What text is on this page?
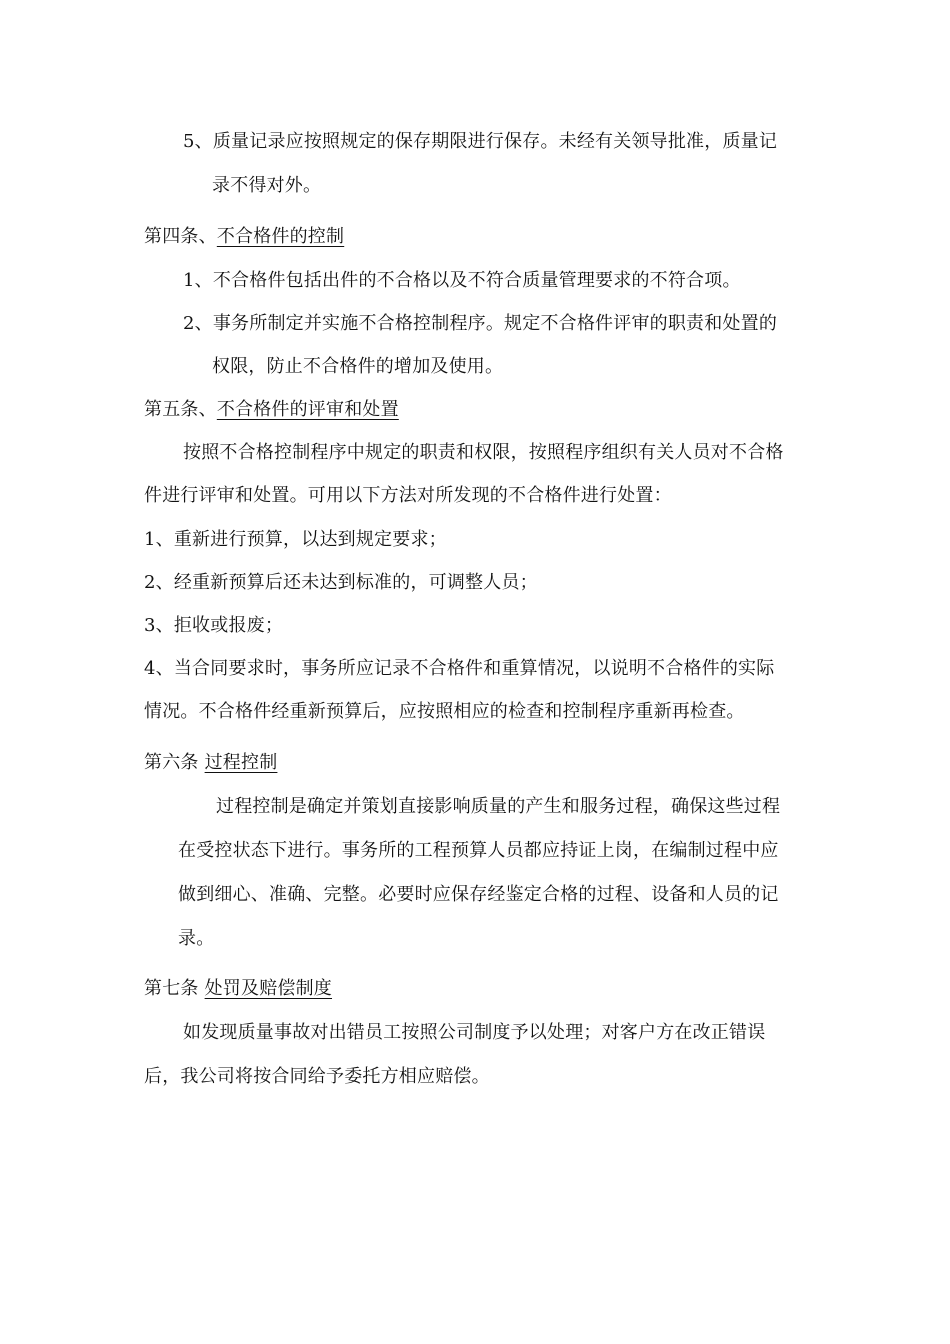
5、质量记录应按照规定的保存期限进行保存。未经有关领导批准，质量记
录不得对外。
第四条、不合格件的控制
1、不合格件包括出件的不合格以及不符合质量管理要求的不符合项。
2、事务所制定并实施不合格控制程序。规定不合格件评审的职责和处置的
权限，防止不合格件的增加及使用。
第五条、不合格件的评审和处置
按照不合格控制程序中规定的职责和权限，按照程序组织有关人员对不合格
件进行评审和处置。可用以下方法对所发现的不合格件进行处置：
1、重新进行预算，以达到规定要求；
2、经重新预算后还未达到标准的，可调整人员；
3、拒收或报废；
4、当合同要求时，事务所应记录不合格件和重算情况，以说明不合格件的实际
情况。不合格件经重新预算后，应按照相应的检查和控制程序重新再检查。
第六条 过程控制
过程控制是确定并策划直接影响质量的产生和服务过程，确保这些过程
在受控状态下进行。事务所的工程预算人员都应持证上岗，在编制过程中应
做到细心、准确、完整。必要时应保存经鉴定合格的过程、设备和人员的记
录。
第七条 处罚及赔偿制度
如发现质量事故对出错员工按照公司制度予以处理；对客户方在改正错误
后，我公司将按合同给予委托方相应赔偿。
